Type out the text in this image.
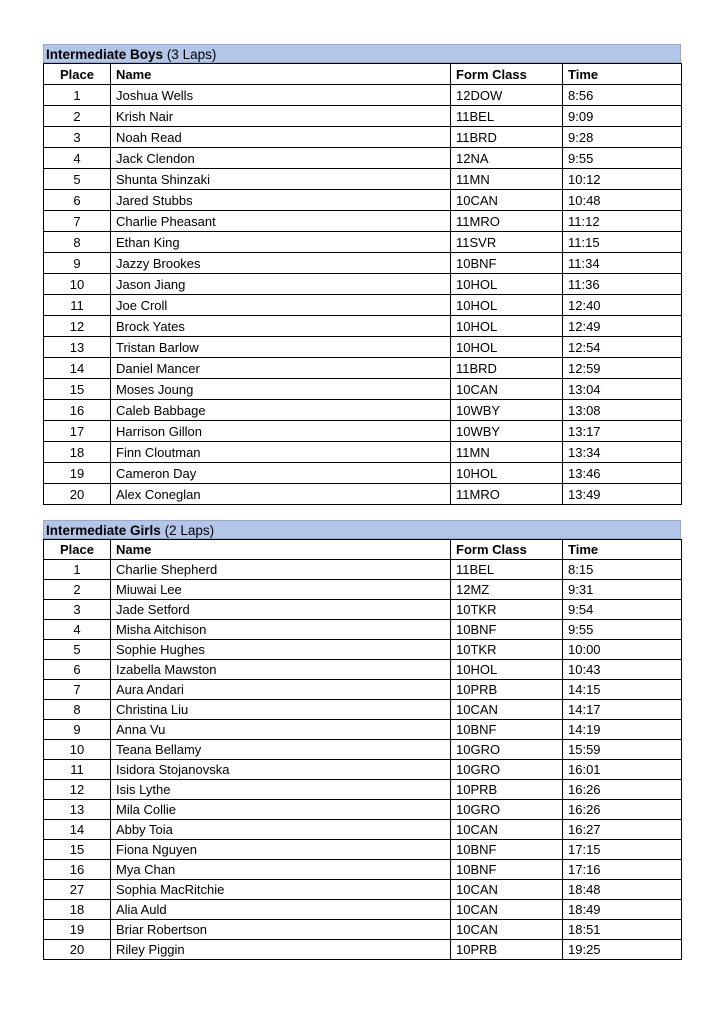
Intermediate Boys (3 Laps)
Place	Name	Form Class	Time
1	Joshua Wells	12DOW	8:56
2	Krish Nair	11BEL	9:09
3	Noah Read	11BRD	9:28
4	Jack Clendon	12NA	9:55
5	Shunta Shinzaki	11MN	10:12
6	Jared Stubbs	10CAN	10:48
7	Charlie Pheasant	11MRO	11:12
8	Ethan King	11SVR	11:15
9	Jazzy Brookes	10BNF	11:34
10	Jason Jiang	10HOL	11:36
11	Joe Croll	10HOL	12:40
12	Brock Yates	10HOL	12:49
13	Tristan Barlow	10HOL	12:54
14	Daniel Mancer	11BRD	12:59
15	Moses Joung	10CAN	13:04
16	Caleb Babbage	10WBY	13:08
17	Harrison Gillon	10WBY	13:17
18	Finn Cloutman	11MN	13:34
19	Cameron Day	10HOL	13:46
20	Alex Coneglan	11MRO	13:49
Intermediate Girls (2 Laps)
Place	Name	Form Class	Time
1	Charlie Shepherd	11BEL	8:15
2	Miuwai Lee	12MZ	9:31
3	Jade Setford	10TKR	9:54
4	Misha Aitchison	10BNF	9:55
5	Sophie Hughes	10TKR	10:00
6	Izabella Mawston	10HOL	10:43
7	Aura Andari	10PRB	14:15
8	Christina Liu	10CAN	14:17
9	Anna Vu	10BNF	14:19
10	Teana Bellamy	10GRO	15:59
11	Isidora Stojanovska	10GRO	16:01
12	Isis Lythe	10PRB	16:26
13	Mila Collie	10GRO	16:26
14	Abby Toia	10CAN	16:27
15	Fiona Nguyen	10BNF	17:15
16	Mya Chan	10BNF	17:16
27	Sophia MacRitchie	10CAN	18:48
18	Alia Auld	10CAN	18:49
19	Briar Robertson	10CAN	18:51
20	Riley Piggin	10PRB	19:25
